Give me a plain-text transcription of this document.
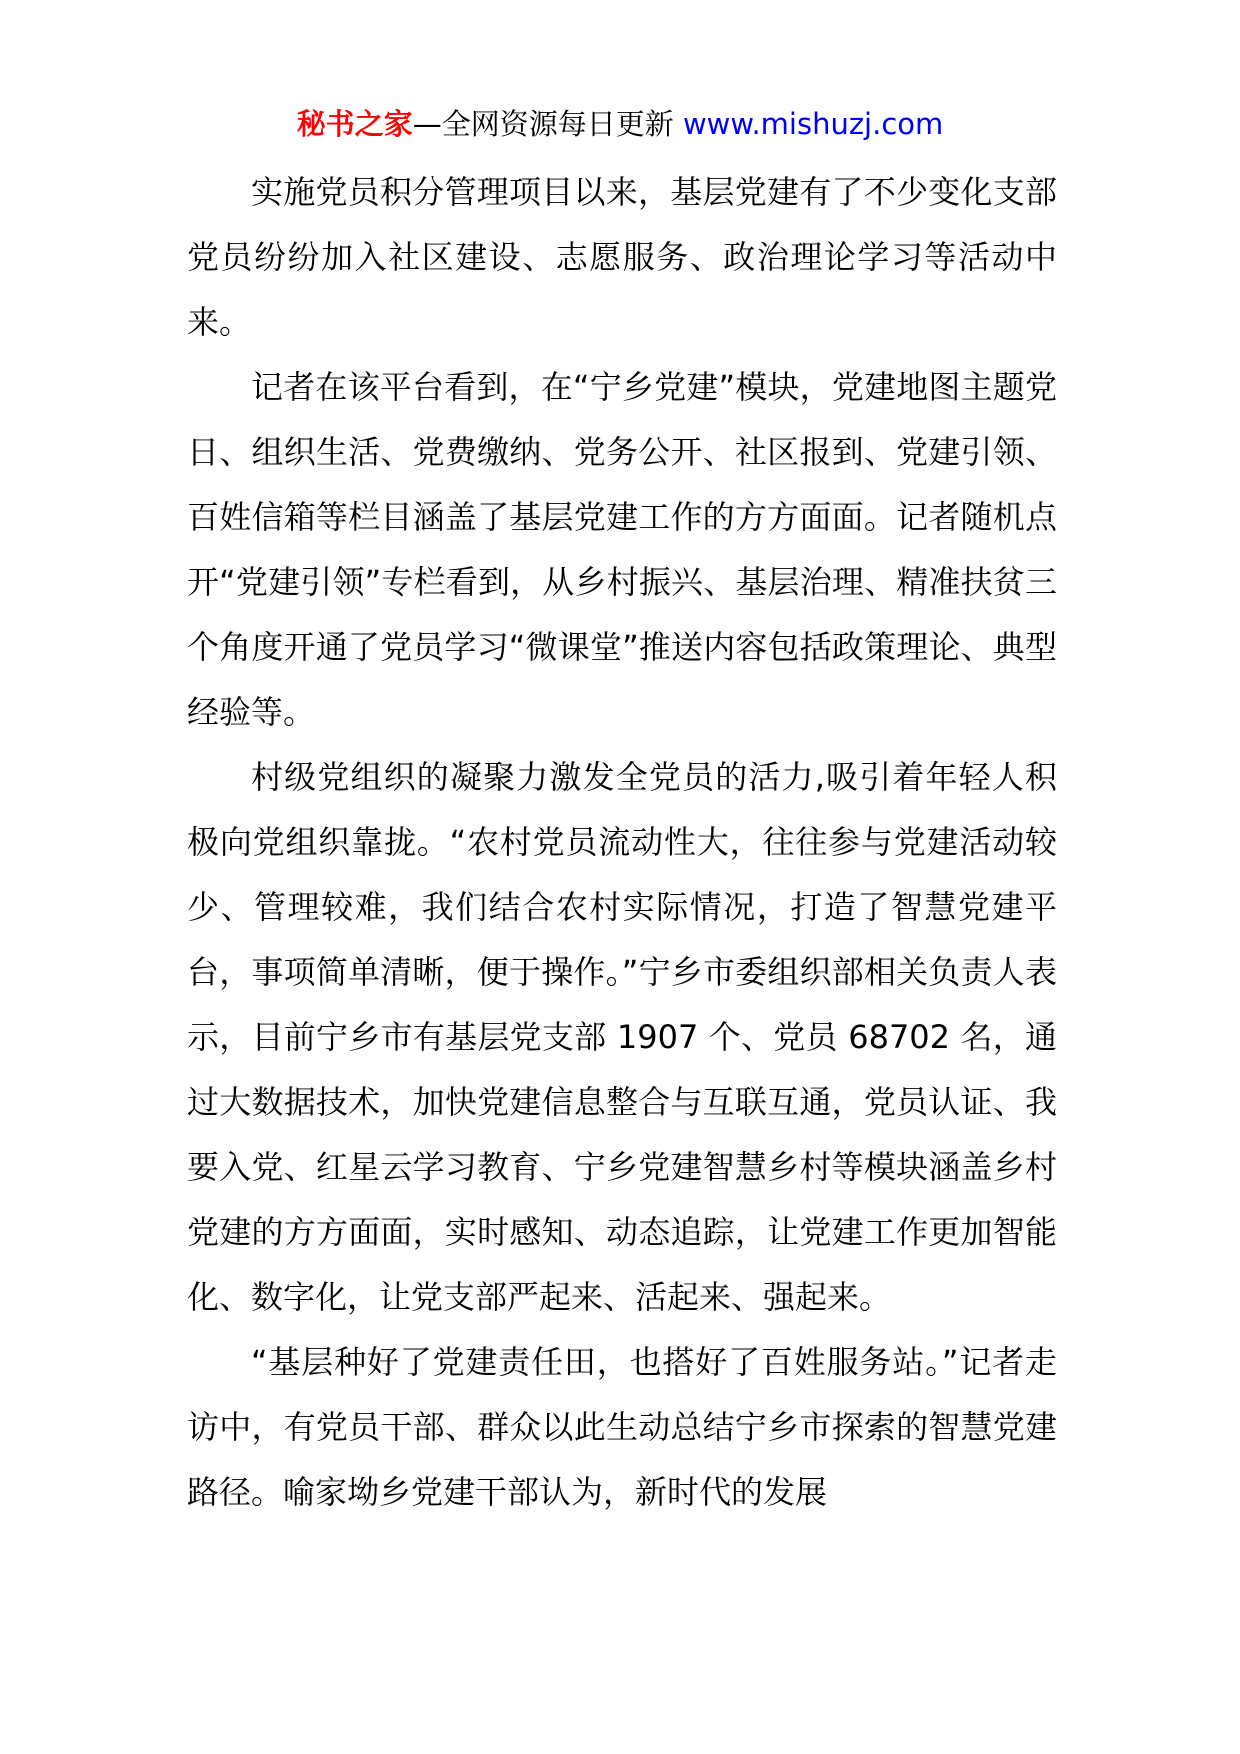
秘书之家—全网资源每日更新 www.mishuzj.com

实施党员积分管理项目以来，基层党建有了不少变化支部党员纷纷加入社区建设、志愿服务、政治理论学习等活动中来。

记者在该平台看到，在“宁乡党建”模块，党建地图主题党日、组织生活、党费缴纳、党务公开、社区报到、党建引领、百姓信箱等栏目涵盖了基层党建工作的方方面面。记者随机点开“党建引领”专栏看到，从乡村振兴、基层治理、精准扶贫三个角度开通了党员学习“微课堂”推送内容包括政策理论、典型经验等。

村级党组织的凝聚力激发全党员的活力,吸引着年轻人积极向党组织靠拢。“农村党员流动性大，往往参与党建活动较少、管理较难，我们结合农村实际情况，打造了智慧党建平台，事项简单清晰，便于操作。”宁乡市委组织部相关负责人表示，目前宁乡市有基层党支部 1907 个、党员 68702 名，通过大数据技术，加快党建信息整合与互联互通，党员认证、我要入党、红星云学习教育、宁乡党建智慧乡村等模块涵盖乡村党建的方方面面，实时感知、动态追踪，让党建工作更加智能化、数字化，让党支部严起来、活起来、强起来。

“基层种好了党建责任田，也搭好了百姓服务站。”记者走访中，有党员干部、群众以此生动总结宁乡市探索的智慧党建路径。喻家坳乡党建干部认为，新时代的发展
